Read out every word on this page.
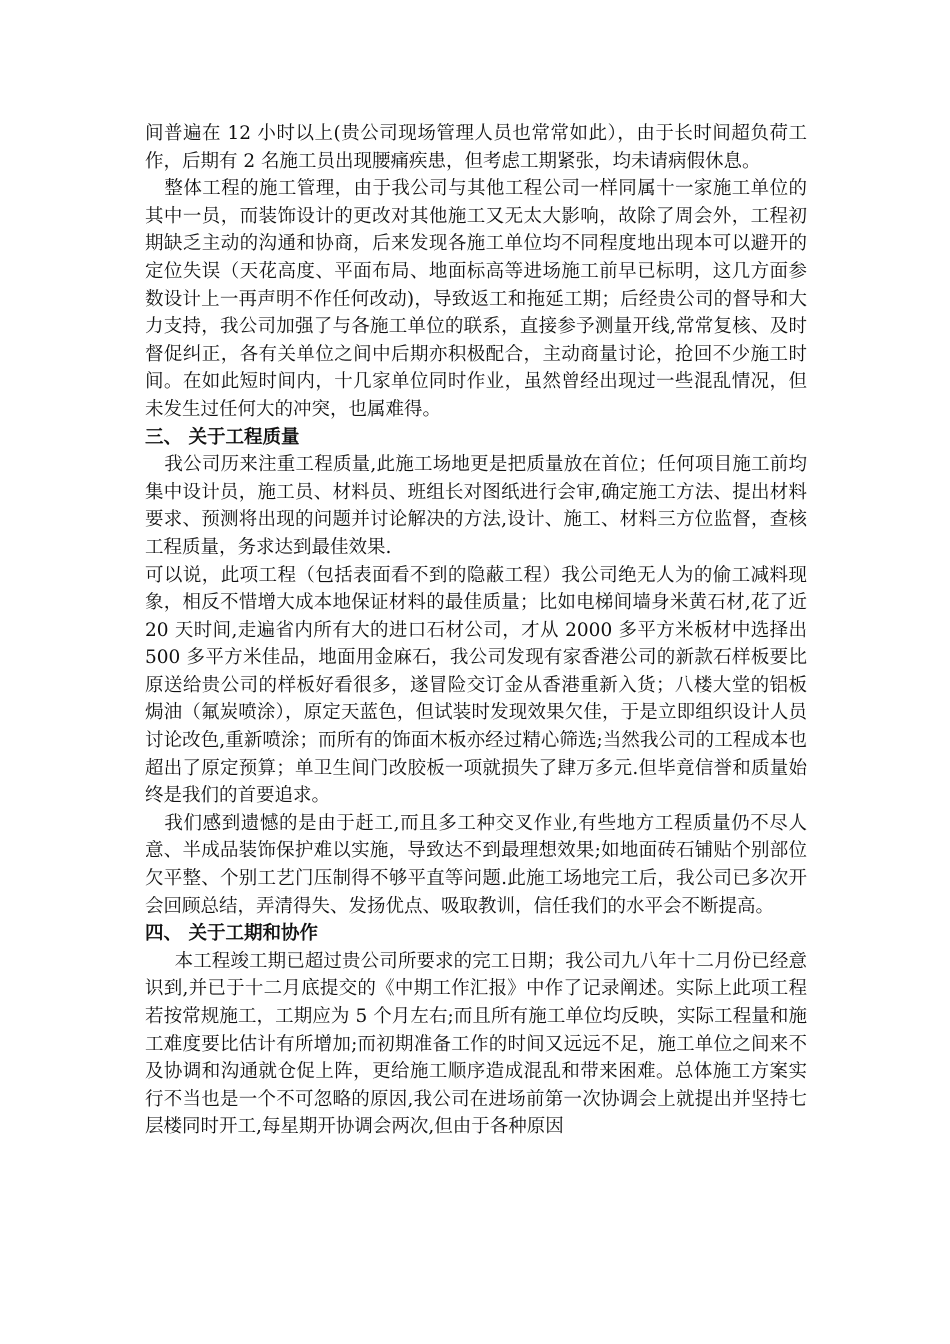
间普遍在 12 小时以上(贵公司现场管理人员也常常如此），由于长时间超负荷工作，后期有 2 名施工员出现腰痛疾患，但考虑工期紧张，均未请病假休息。

整体工程的施工管理，由于我公司与其他工程公司一样同属十一家施工单位的其中一员，而装饰设计的更改对其他施工又无太大影响，故除了周会外，工程初期缺乏主动的沟通和协商，后来发现各施工单位均不同程度地出现本可以避开的定位失误（天花高度、平面布局、地面标高等进场施工前早已标明，这几方面参数设计上一再声明不作任何改动)，导致返工和拖延工期；后经贵公司的督导和大力支持，我公司加强了与各施工单位的联系，直接参予测量开线,常常复核、及时督促纠正，各有关单位之间中后期亦积极配合，主动商量讨论，抢回不少施工时间。在如此短时间内，十几家单位同时作业，虽然曾经出现过一些混乱情况，但未发生过任何大的冲突，也属难得。

三、 关于工程质量

我公司历来注重工程质量,此施工场地更是把质量放在首位；任何项目施工前均集中设计员，施工员、材料员、班组长对图纸进行会审,确定施工方法、提出材料要求、预测将出现的问题并讨论解决的方法,设计、施工、材料三方位监督，查核工程质量，务求达到最佳效果.

可以说，此项工程（包括表面看不到的隐蔽工程）我公司绝无人为的偷工减料现象，相反不惜增大成本地保证材料的最佳质量；比如电梯间墙身米黄石材,花了近 20 天时间,走遍省内所有大的进口石材公司，才从 2000 多平方米板材中选择出 500 多平方米佳品，地面用金麻石，我公司发现有家香港公司的新款石样板要比原送给贵公司的样板好看很多，遂冒险交订金从香港重新入货；八楼大堂的铝板焗油（氟炭喷涂），原定天蓝色，但试装时发现效果欠佳，于是立即组织设计人员讨论改色,重新喷涂；而所有的饰面木板亦经过精心筛选;当然我公司的工程成本也超出了原定预算；单卫生间门改胶板一项就损失了肆万多元.但毕竟信誉和质量始终是我们的首要追求。

我们感到遗憾的是由于赶工,而且多工种交叉作业,有些地方工程质量仍不尽人意、半成品装饰保护难以实施，导致达不到最理想效果;如地面砖石铺贴个别部位欠平整、个别工艺门压制得不够平直等问题.此施工场地完工后，我公司已多次开会回顾总结，弄清得失、发扬优点、吸取教训，信任我们的水平会不断提高。

四、 关于工期和协作

本工程竣工期已超过贵公司所要求的完工日期；我公司九八年十二月份已经意识到,并已于十二月底提交的《中期工作汇报》中作了记录阐述。实际上此项工程若按常规施工，工期应为 5 个月左右;而且所有施工单位均反映，实际工程量和施工难度要比估计有所增加;而初期准备工作的时间又远远不足，施工单位之间来不及协调和沟通就仓促上阵，更给施工顺序造成混乱和带来困难。总体施工方案实行不当也是一个不可忽略的原因,我公司在进场前第一次协调会上就提出并坚持七层楼同时开工,每星期开协调会两次,但由于各种原因
